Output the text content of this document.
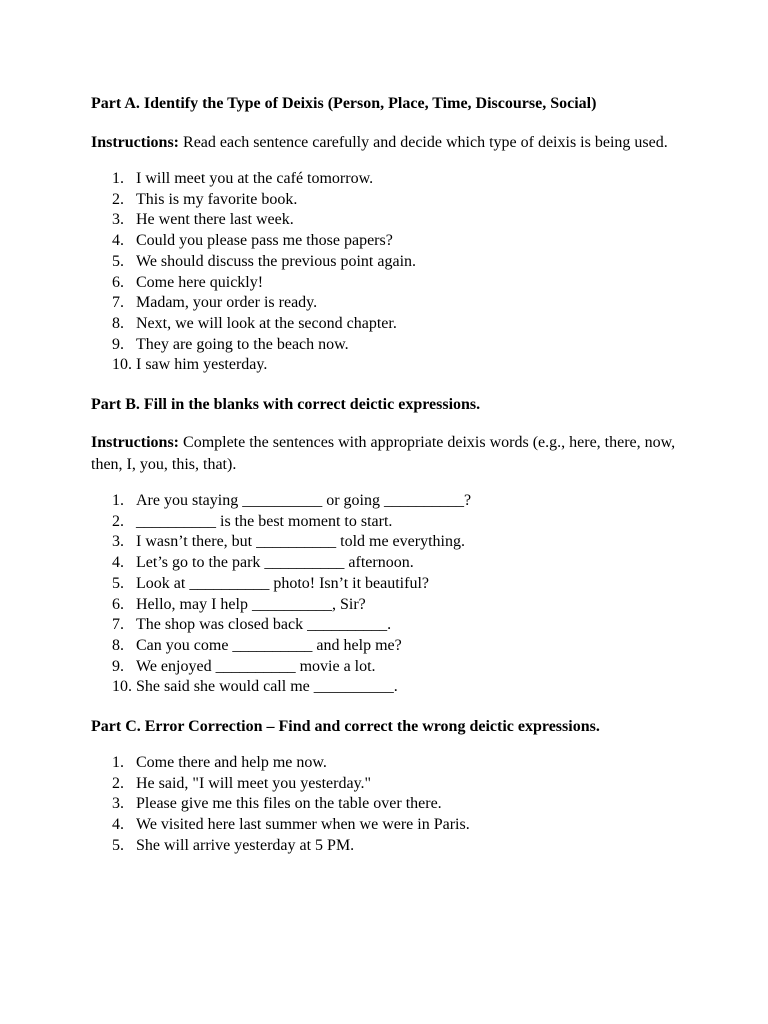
Part A. Identify the Type of Deixis (Person, Place, Time, Discourse, Social)

Instructions: Read each sentence carefully and decide which type of deixis is being used.

1. I will meet you at the café tomorrow.
2. This is my favorite book.
3. He went there last week.
4. Could you please pass me those papers?
5. We should discuss the previous point again.
6. Come here quickly!
7. Madam, your order is ready.
8. Next, we will look at the second chapter.
9. They are going to the beach now.
10. I saw him yesterday.

Part B. Fill in the blanks with correct deictic expressions.

Instructions: Complete the sentences with appropriate deixis words (e.g., here, there, now, then, I, you, this, that).

1. Are you staying __________ or going __________?
2. __________ is the best moment to start.
3. I wasn’t there, but __________ told me everything.
4. Let’s go to the park __________ afternoon.
5. Look at __________ photo! Isn’t it beautiful?
6. Hello, may I help __________, Sir?
7. The shop was closed back __________.
8. Can you come __________ and help me?
9. We enjoyed __________ movie a lot.
10. She said she would call me __________.

Part C. Error Correction – Find and correct the wrong deictic expressions.

1. Come there and help me now.
2. He said, "I will meet you yesterday."
3. Please give me this files on the table over there.
4. We visited here last summer when we were in Paris.
5. She will arrive yesterday at 5 PM.
